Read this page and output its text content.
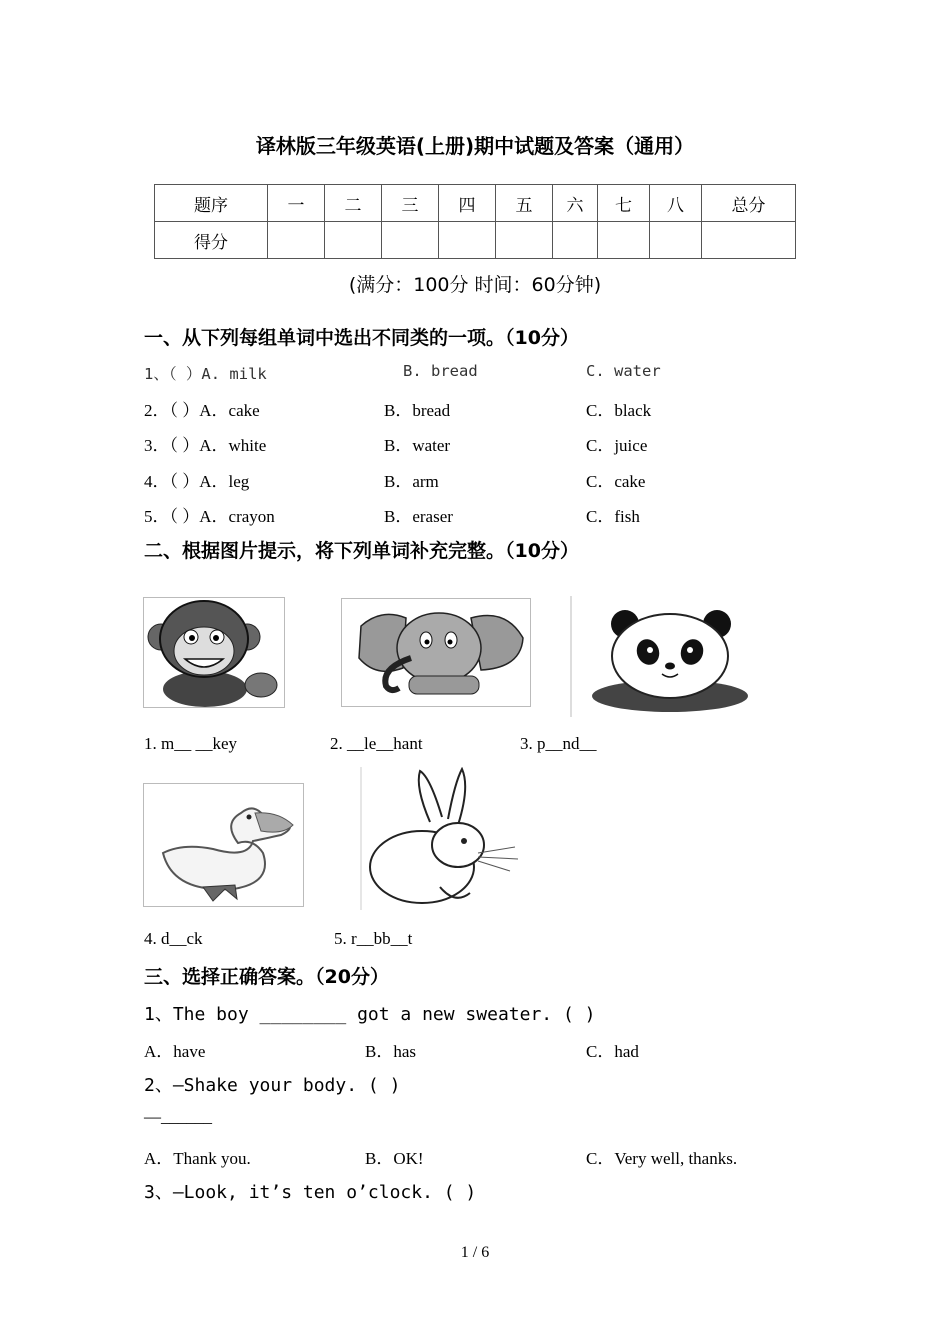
译林版三年级英语(上册)期中试题及答案（通用）
题序	一	二	三	四	五	六	七	八	总分
得分									
(满分：100分 时间：60分钟)
一、从下列每组单词中选出不同类的一项。（10分）
1、（ ）A. milk	B. bread	C. water
2．（ ）A．cake	B．bread	C．black
3．（ ）A．white	B．water	C．juice
4．（ ）A．leg	B．arm	C．cake
5．（ ）A．crayon	B．eraser	C．fish
二、根据图片提示，将下列单词补充完整。（10分）
1. m__ __key	2. __le__hant	3. p__nd__
4. d__ck	5. r__bb__t
三、选择正确答案。（20分）
1、The boy ________ got a new sweater. ( )
A．have	B．has	C．had
2、—Shake your body. ( )
—______
A．Thank you.	B．OK!	C．Very well, thanks.
3、—Look, it’s ten o’clock. ( )
1 / 6
